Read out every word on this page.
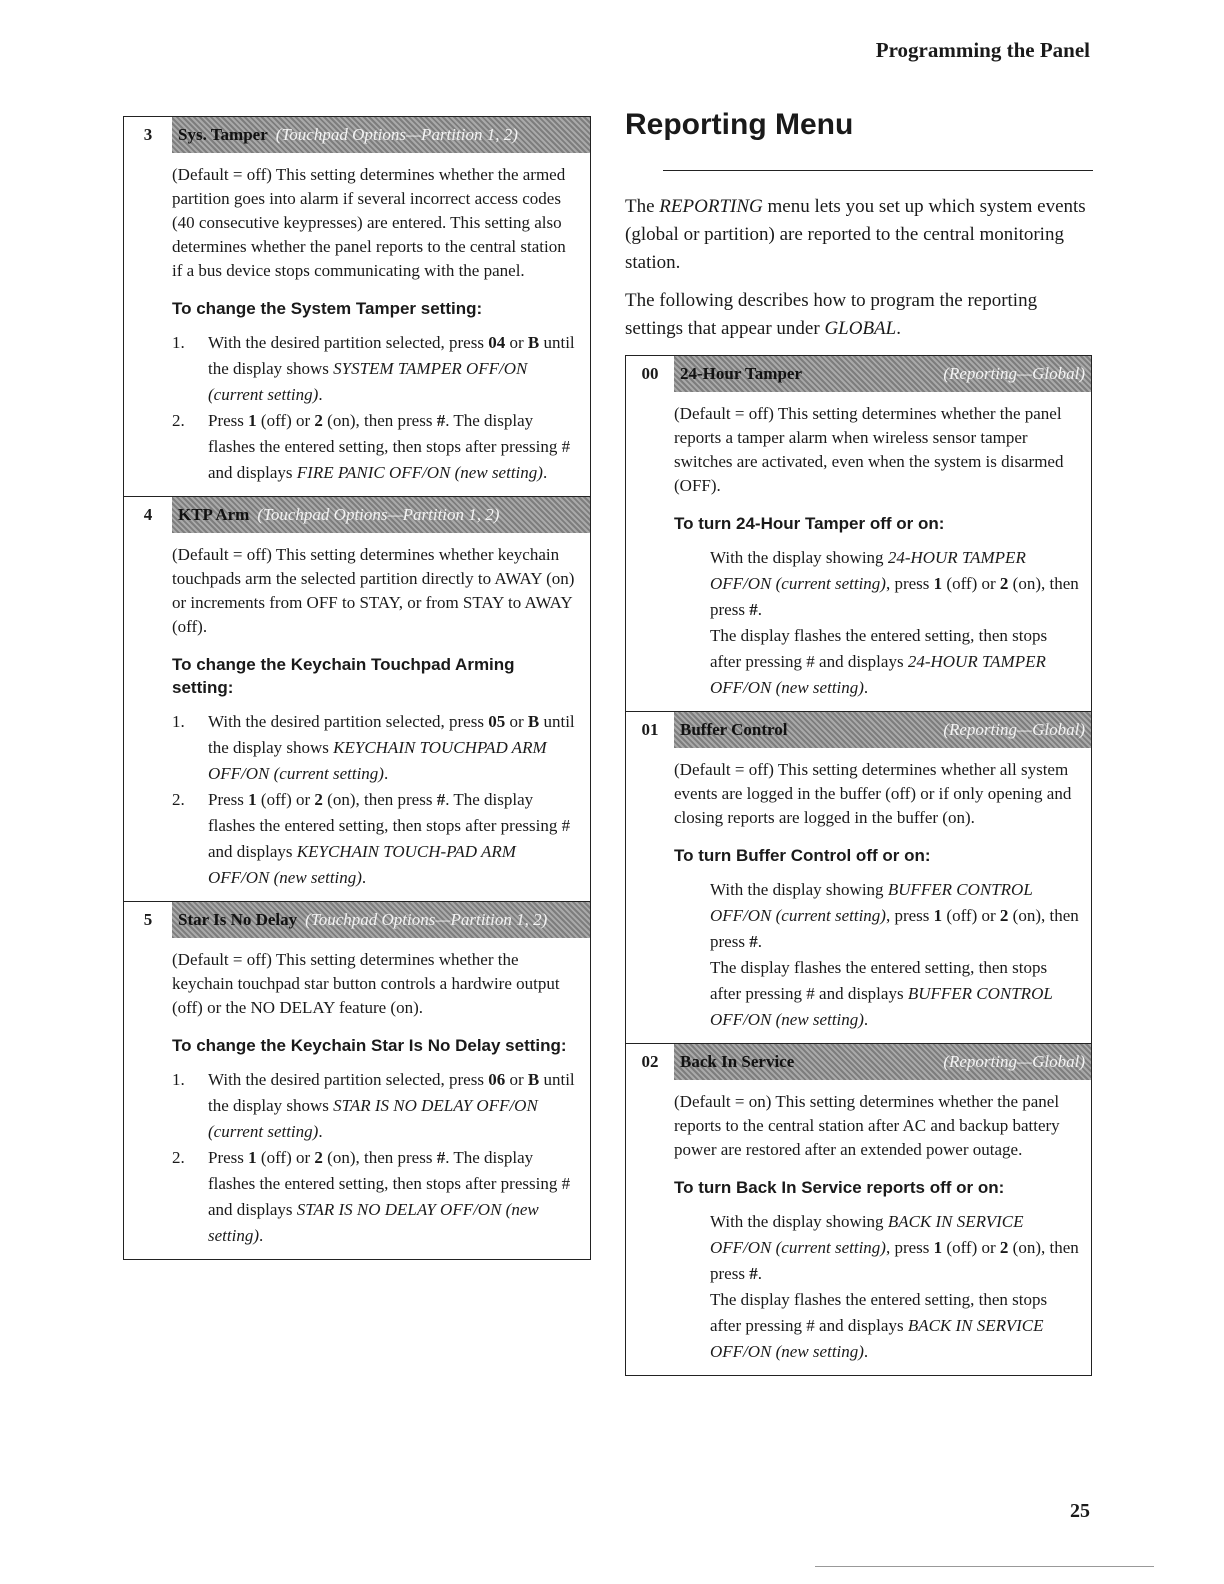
Programming the Panel
3	Sys. Tamper (Touchpad Options—Partition 1, 2)

(Default = off) This setting determines whether the armed partition goes into alarm if several incorrect access codes (40 consecutive keypresses) are entered. This setting also determines whether the panel reports to the central station if a bus device stops communicating with the panel.

To change the System Tamper setting:
1.	With the desired partition selected, press 04 or B until the display shows SYSTEM TAMPER OFF/ON (current setting).
2.	Press 1 (off) or 2 (on), then press #. The display flashes the entered setting, then stops after pressing # and displays FIRE PANIC OFF/ON (new setting).
4	KTP Arm (Touchpad Options—Partition 1, 2)

(Default = off) This setting determines whether keychain touchpads arm the selected partition directly to AWAY (on) or increments from OFF to STAY, or from STAY to AWAY (off).

To change the Keychain Touchpad Arming setting:
1.	With the desired partition selected, press 05 or B until the display shows KEYCHAIN TOUCHPAD ARM OFF/ON (current setting).
2.	Press 1 (off) or 2 (on), then press #. The display flashes the entered setting, then stops after pressing # and displays KEYCHAIN TOUCH-PAD ARM OFF/ON (new setting).
5	Star Is No Delay (Touchpad Options—Partition 1, 2)

(Default = off) This setting determines whether the keychain touchpad star button controls a hardwire output (off) or the NO DELAY feature (on).

To change the Keychain Star Is No Delay setting:
1.	With the desired partition selected, press 06 or B until the display shows STAR IS NO DELAY OFF/ON (current setting).
2.	Press 1 (off) or 2 (on), then press #. The display flashes the entered setting, then stops after pressing # and displays STAR IS NO DELAY OFF/ON (new setting).
Reporting Menu

The REPORTING menu lets you set up which system events (global or partition) are reported to the central monitoring station.

The following describes how to program the reporting settings that appear under GLOBAL.

00	24-Hour Tamper	(Reporting—Global)

(Default = off) This setting determines whether the panel reports a tamper alarm when wireless sensor tamper switches are activated, even when the system is disarmed (OFF).

To turn 24-Hour Tamper off or on:
With the display showing 24-HOUR TAMPER OFF/ON (current setting), press 1 (off) or 2 (on), then press #.
The display flashes the entered setting, then stops after pressing # and displays 24-HOUR TAMPER OFF/ON (new setting).
01	Buffer Control	(Reporting—Global)

(Default = off) This setting determines whether all system events are logged in the buffer (off) or if only opening and closing reports are logged in the buffer (on).

To turn Buffer Control off or on:
With the display showing BUFFER CONTROL OFF/ON (current setting), press 1 (off) or 2 (on), then press #.
The display flashes the entered setting, then stops after pressing # and displays BUFFER CONTROL OFF/ON (new setting).
02	Back In Service	(Reporting—Global)

(Default = on) This setting determines whether the panel reports to the central station after AC and backup battery power are restored after an extended power outage.

To turn Back In Service reports off or on:
With the display showing BACK IN SERVICE OFF/ON (current setting), press 1 (off) or 2 (on), then press #.
The display flashes the entered setting, then stops after pressing # and displays BACK IN SERVICE OFF/ON (new setting).
25
